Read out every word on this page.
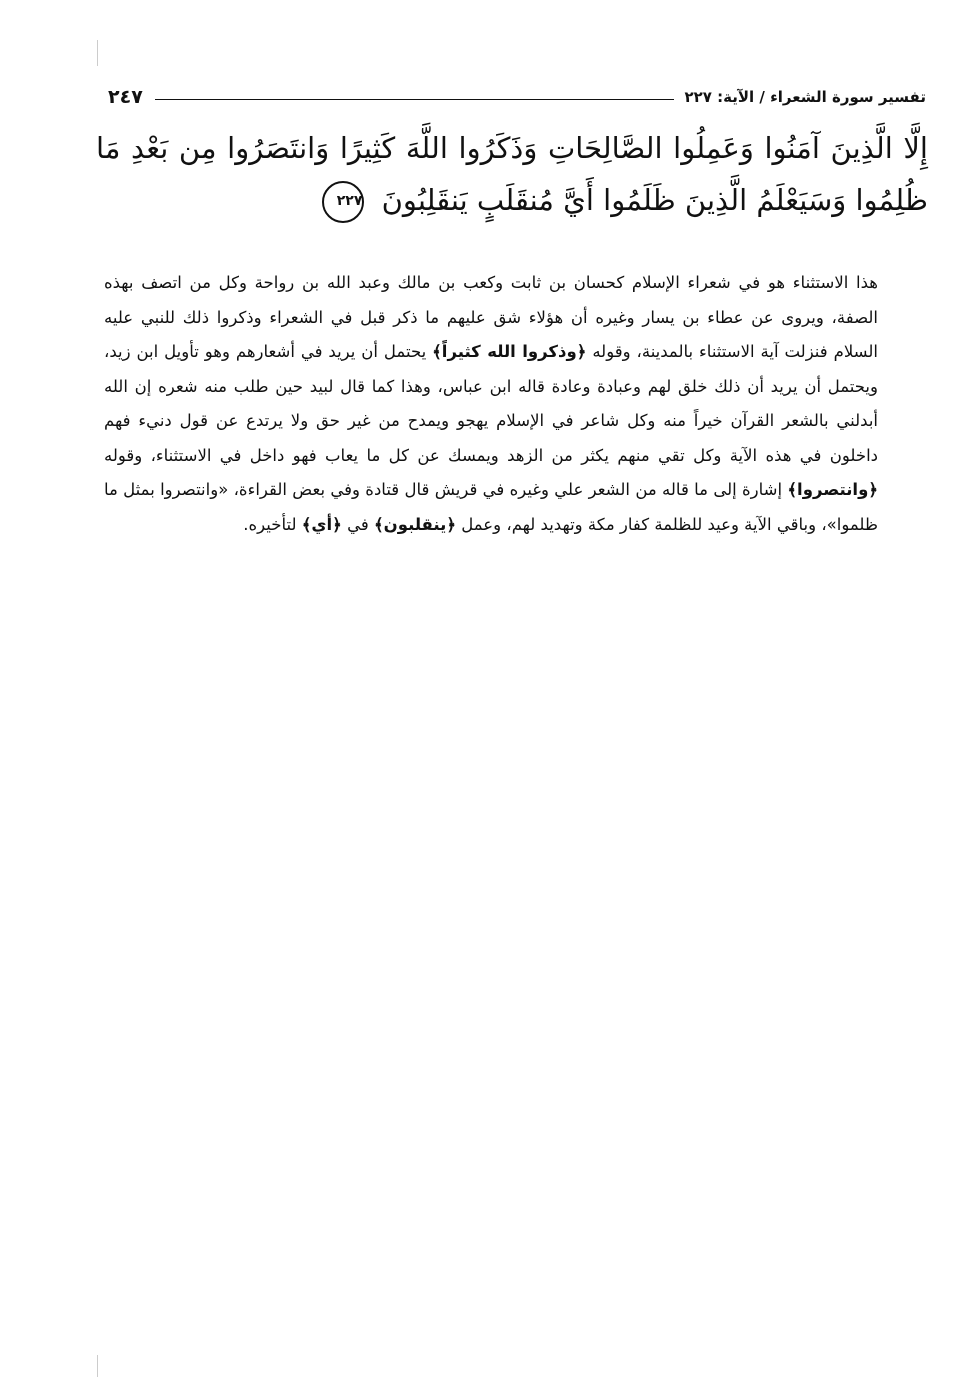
تفسير سورة الشعراء / الآية: ٢٢٧
٢٤٧
إِلَّا الَّذِينَ آمَنُوا وَعَمِلُوا الصَّالِحَاتِ وَذَكَرُوا اللَّهَ كَثِيرًا وَانتَصَرُوا مِن بَعْدِ مَا ظُلِمُوا وَسَيَعْلَمُ الَّذِينَ ظَلَمُوا أَيَّ مُنقَلَبٍ يَنقَلِبُونَ ٢٢٧

هذا الاستثناء هو في شعراء الإسلام كحسان بن ثابت وكعب بن مالك وعبد الله بن رواحة وكل من اتصف بهذه الصفة، ويروى عن عطاء بن يسار وغيره أن هؤلاء شق عليهم ما ذكر قبل في الشعراء وذكروا ذلك للنبي عليه السلام فنزلت آية الاستثناء بالمدينة، وقوله ﴿وذكروا الله كثيراً﴾ يحتمل أن يريد في أشعارهم وهو تأويل ابن زيد، ويحتمل أن يريد أن ذلك خلق لهم وعبادة وعادة قاله ابن عباس، وهذا كما قال لبيد حين طلب منه شعره إن الله أبدلني بالشعر القرآن خيراً منه وكل شاعر في الإسلام يهجو ويمدح من غير حق ولا يرتدع عن قول دنيء فهم داخلون في هذه الآية وكل تقي منهم يكثر من الزهد ويمسك عن كل ما يعاب فهو داخل في الاستثناء، وقوله ﴿وانتصروا﴾ إشارة إلى ما قاله من الشعر علي وغيره في قريش قال قتادة وفي بعض القراءة، «وانتصروا بمثل ما ظلموا»، وباقي الآية وعيد للظلمة كفار مكة وتهديد لهم، وعمل ﴿ينقلبون﴾ في ﴿أي﴾ لتأخيره.
